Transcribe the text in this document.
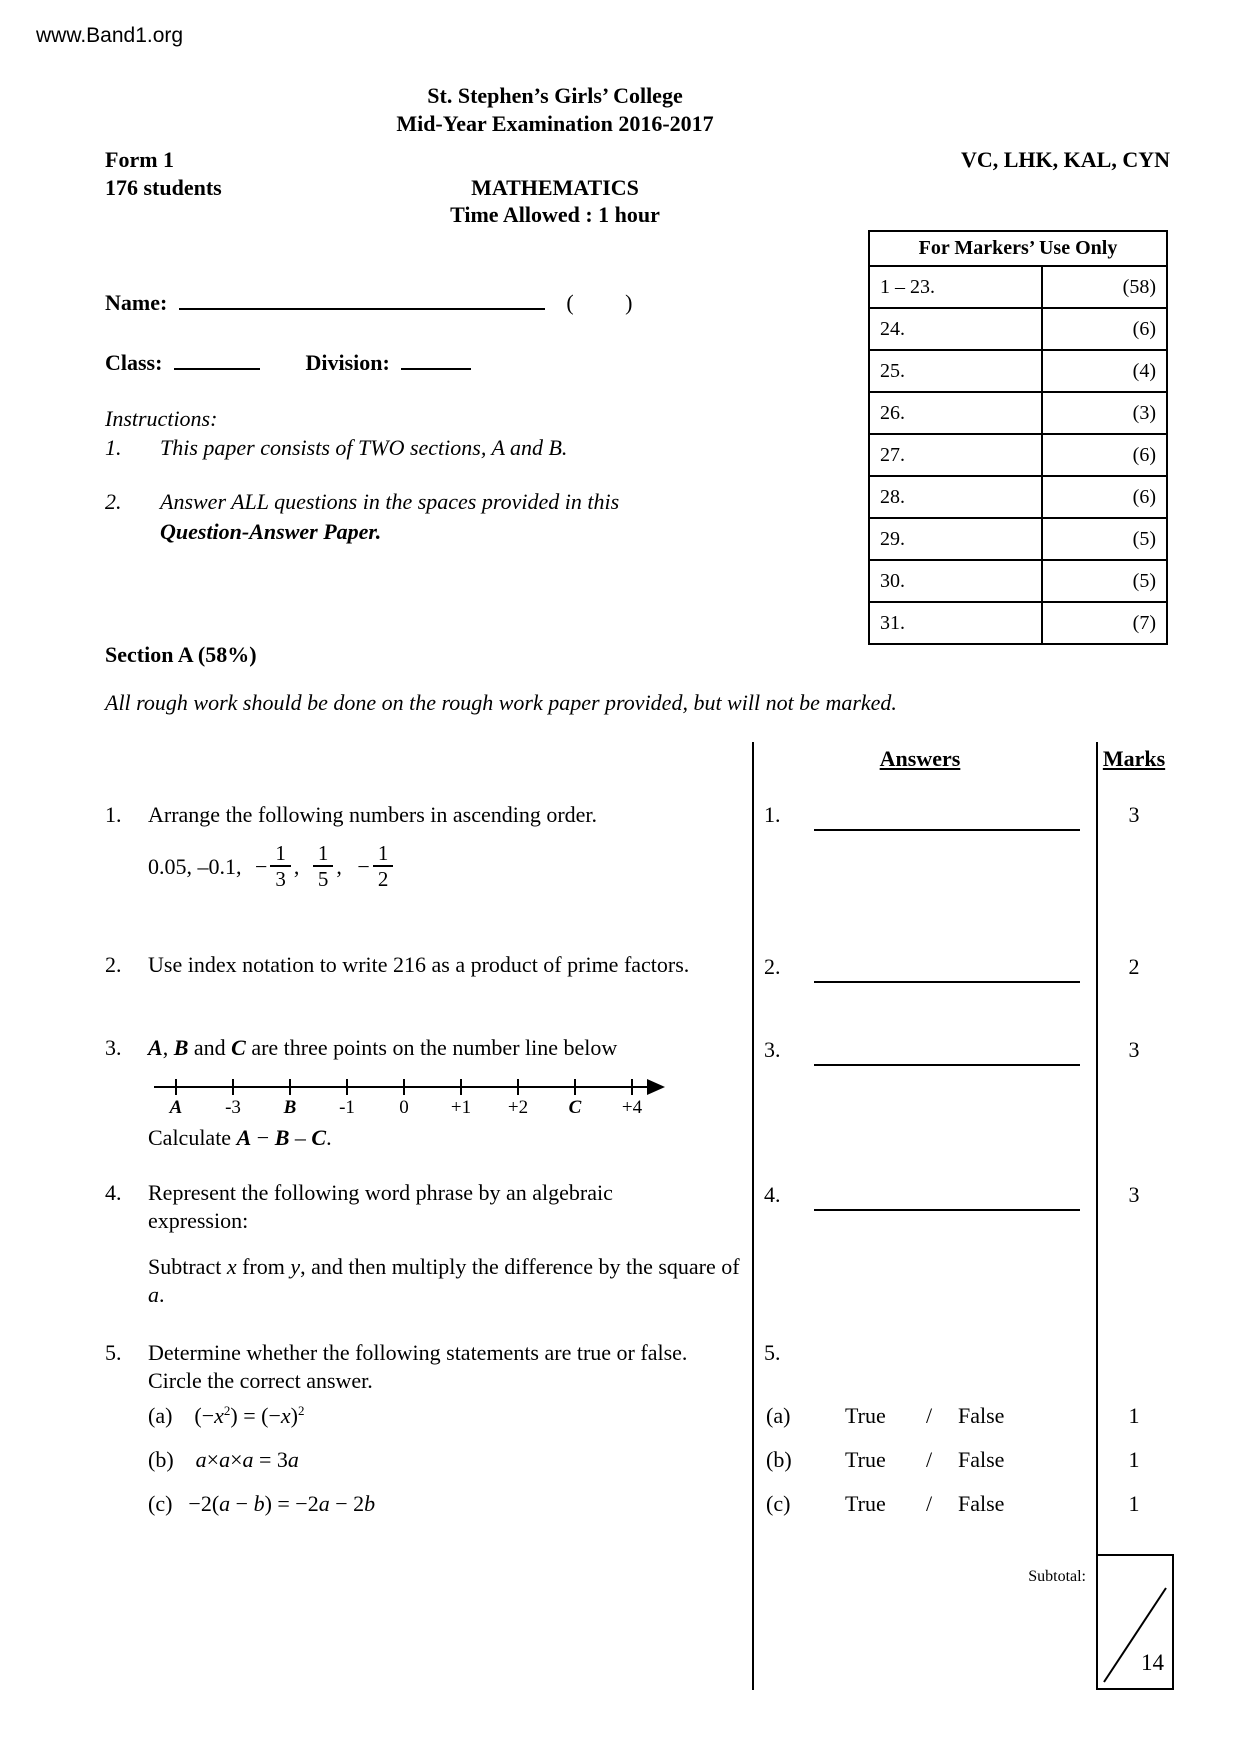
www.Band1.org
St. Stephen’s Girls’ College
Mid-Year Examination 2016-2017
Form 1
176 students
VC, LHK, KAL, CYN
MATHEMATICS
Time Allowed : 1 hour
For Markers’ Use Only	
1 – 23.	(58)
24.	(6)
25.	(4)
26.	(3)
27.	(6)
28.	(6)
29.	(5)
30.	(5)
31.	(7)
Name:	( )
Class:	Division:
Instructions:
1. This paper consists of TWO sections, A and B.
2. Answer ALL questions in the spaces provided in this
Question-Answer Paper.
Section A (58%)
All rough work should be done on the rough work paper provided, but will not be marked.
Answers	Marks
1. Arrange the following numbers in ascending order.
0.05, –0.1, − $\frac{1}{3}$ , $\frac{1}{5}$ , − $\frac{1}{2}$
1.	3
2. Use index notation to write 216 as a product of prime factors.	2.	2
3. A, B and C are three points on the number line below
A -3 B -1 0 +1 +2 C +4
Calculate A − B – C.
3.	3
4. Represent the following word phrase by an algebraic expression:
Subtract x from y, and then multiply the difference by the square of a.
4.	3
5. Determine whether the following statements are true or false. Circle the correct answer.
(a) $(-x^2) = (-x)^2$
(b) a×a×a = 3a
(c) −2(a − b) = −2a − 2b
5.
(a) True / False	1
(b) True / False	1
(c) True / False	1
Subtotal:
14
